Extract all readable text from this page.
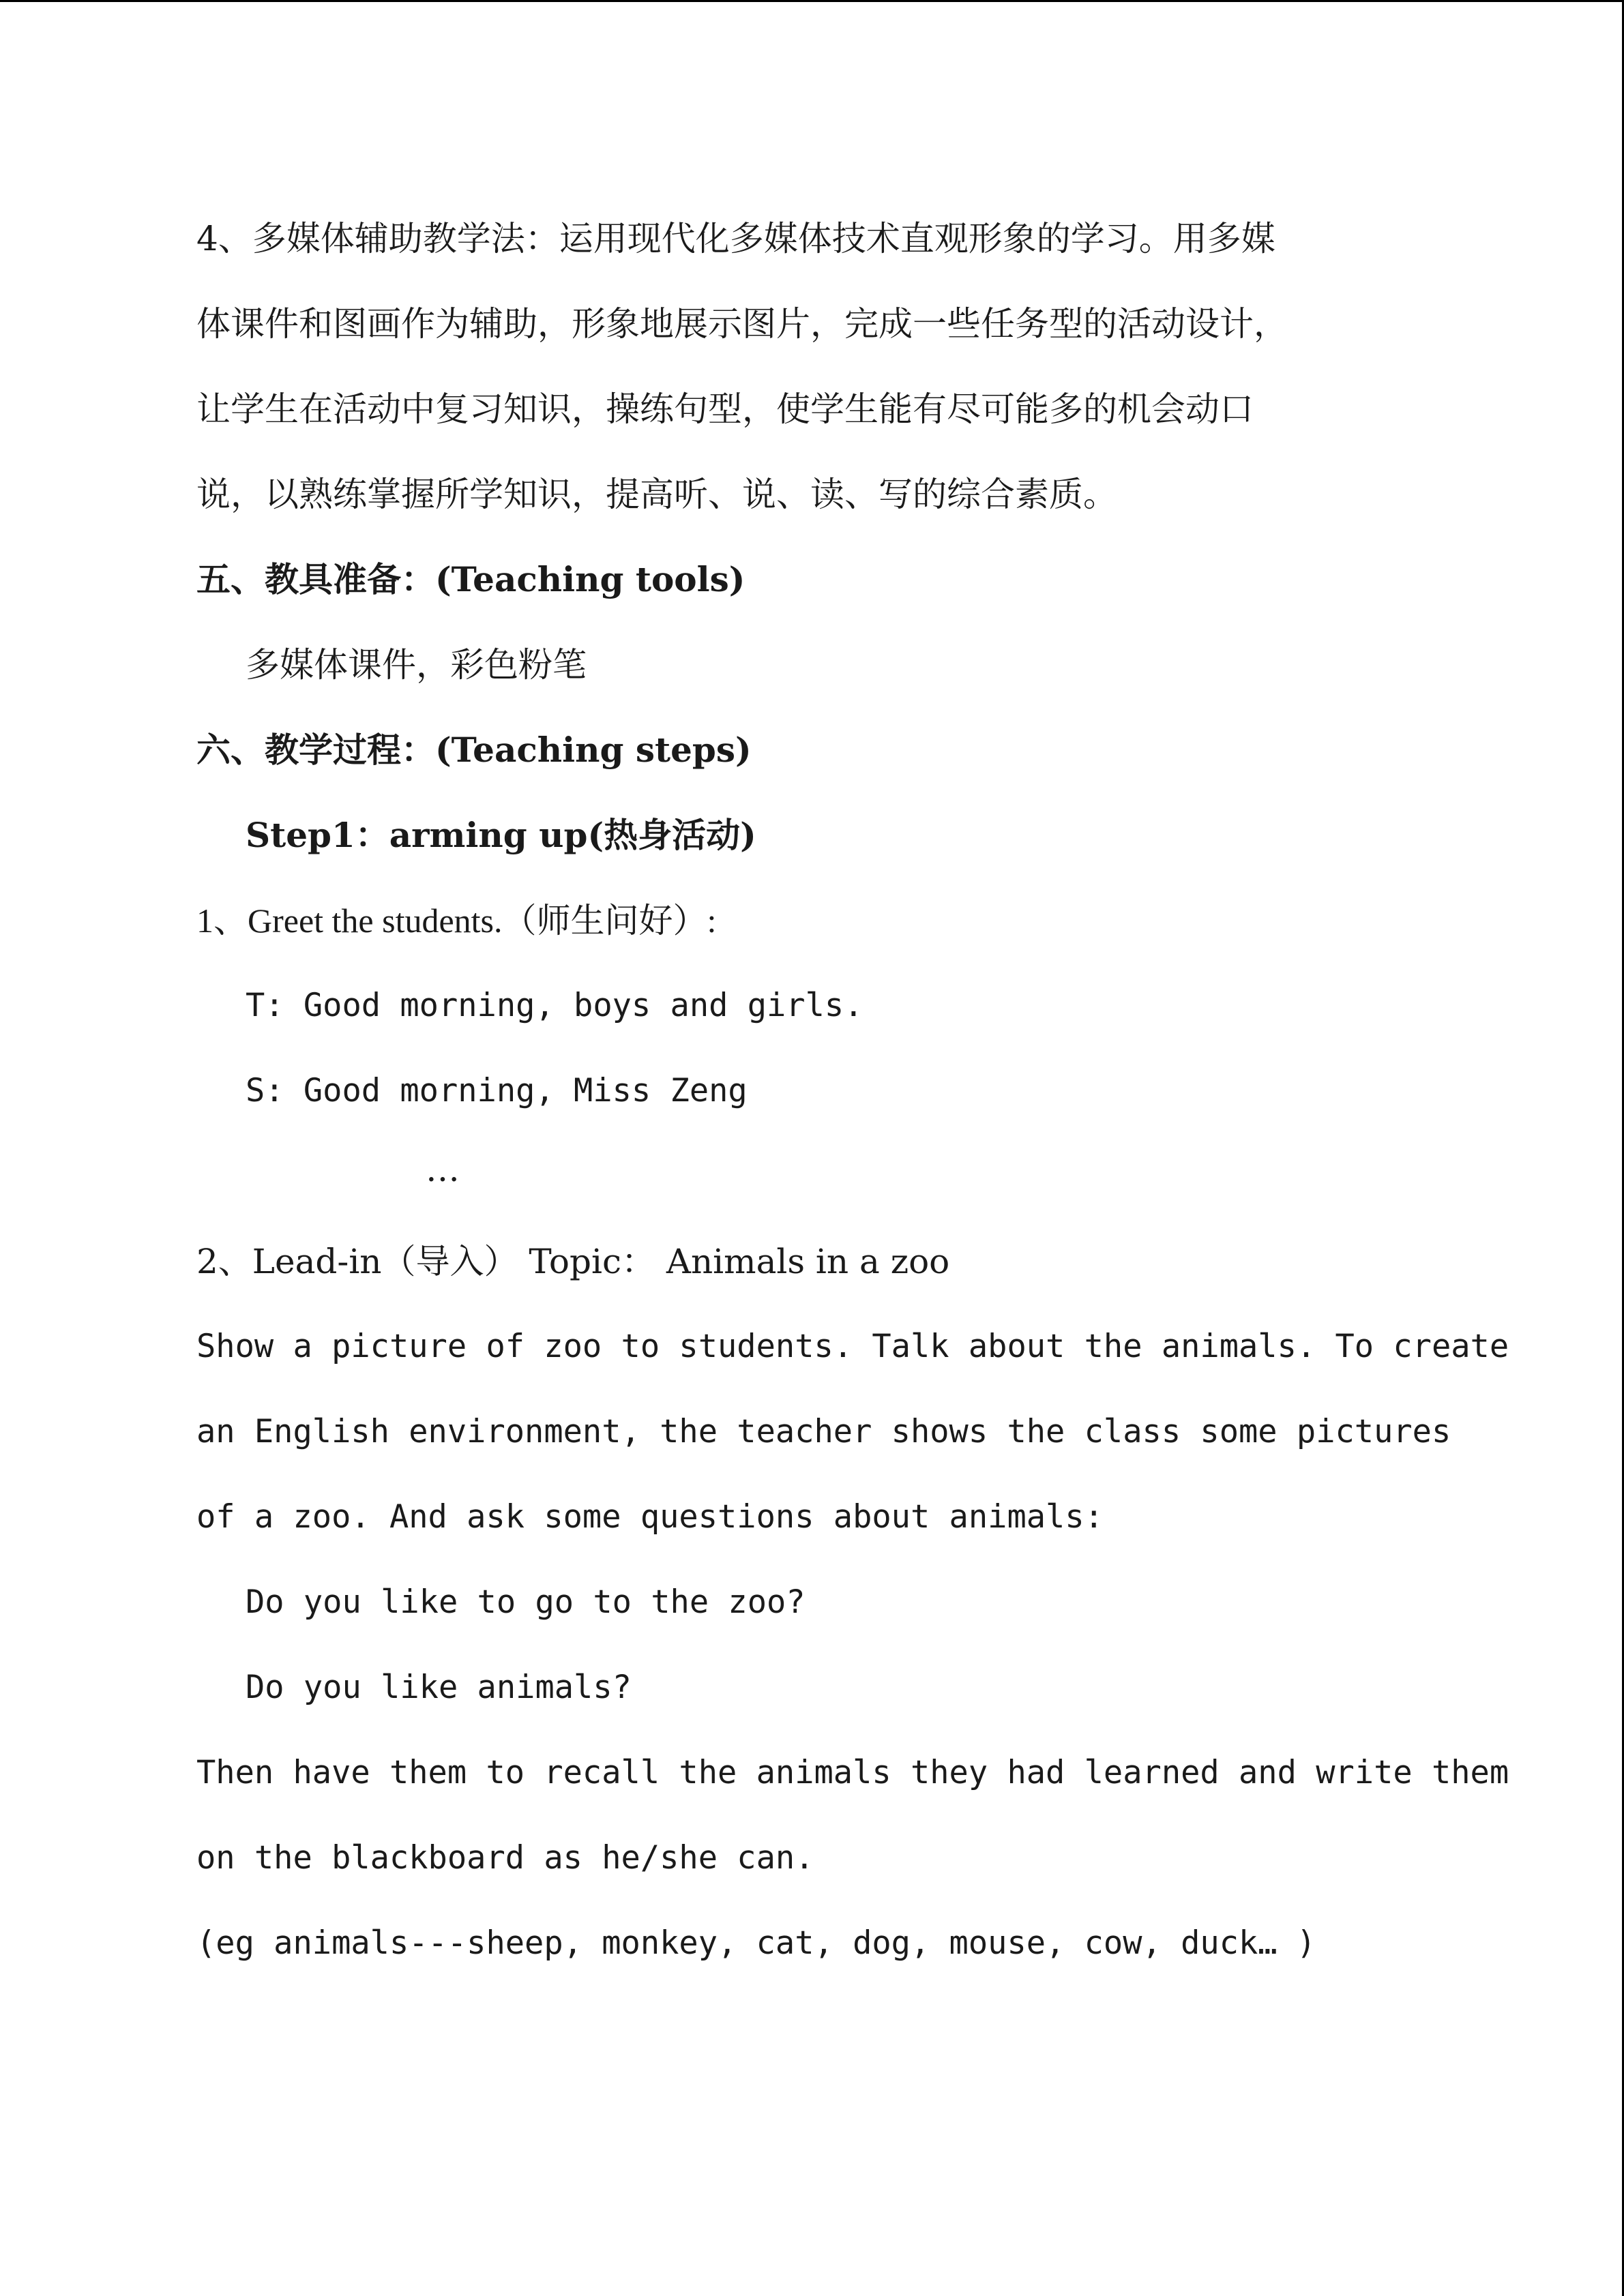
4、多媒体辅助教学法：运用现代化多媒体技术直观形象的学习。用多媒
体课件和图画作为辅助，形象地展示图片，完成一些任务型的活动设计，
让学生在活动中复习知识，操练句型，使学生能有尽可能多的机会动口
说，以熟练掌握所学知识，提高听、说、读、写的综合素质。
五、教具准备：(Teaching tools)
多媒体课件，彩色粉笔
六、教学过程：(Teaching steps)
Step1：arming up(热身活动)
1、Greet the students.（师生问好）:
T: Good morning, boys and girls.
S: Good morning, Miss Zeng
…
2、Lead-in（导入） Topic： Animals in a zoo
Show a picture of zoo to students. Talk about the animals. To create
an English environment, the teacher shows the class some pictures
of a zoo. And ask some questions about animals:
Do you like to go to the zoo?
Do you like animals?
Then have them to recall the animals they had learned and write them
on the blackboard as he/she can.
(eg animals---sheep, monkey, cat, dog, mouse, cow, duck… )
